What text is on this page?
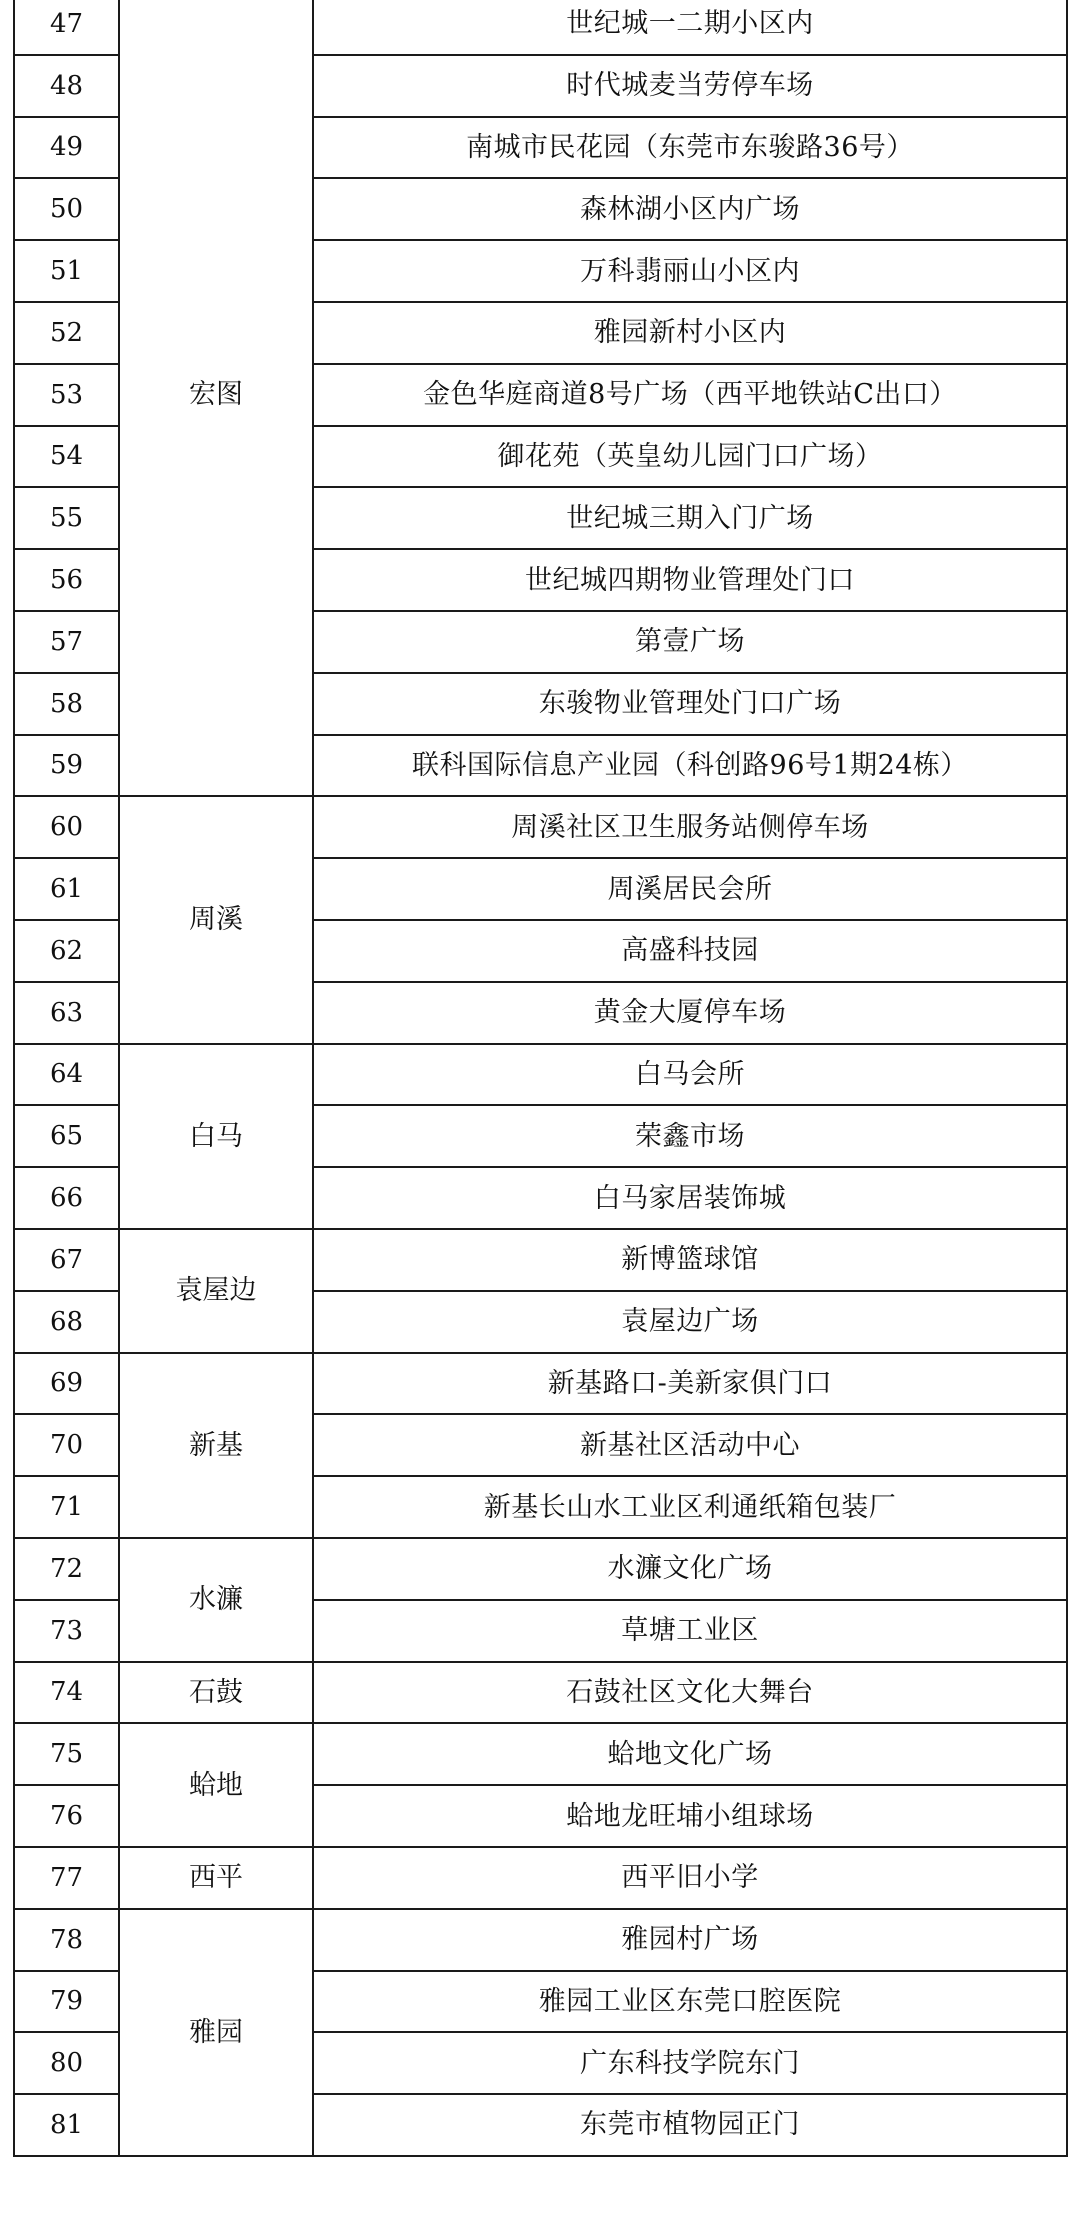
47	宏图	世纪城一二期小区内
48		时代城麦当劳停车场
49		南城市民花园（东莞市东骏路36号）
50		森林湖小区内广场
51		万科翡丽山小区内
52		雅园新村小区内
53		金色华庭商道8号广场（西平地铁站C出口）
54		御花苑（英皇幼儿园门口广场）
55		世纪城三期入门广场
56		世纪城四期物业管理处门口
57		第壹广场
58		东骏物业管理处门口广场
59		联科国际信息产业园（科创路96号1期24栋）
60	周溪	周溪社区卫生服务站侧停车场
61		周溪居民会所
62		高盛科技园
63		黄金大厦停车场
64	白马	白马会所
65		荣鑫市场
66		白马家居装饰城
67	袁屋边	新博篮球馆
68		袁屋边广场
69	新基	新基路口-美新家俱门口
70		新基社区活动中心
71		新基长山水工业区利通纸箱包装厂
72	水濂	水濂文化广场
73		草塘工业区
74	石鼓	石鼓社区文化大舞台
75	蛤地	蛤地文化广场
76		蛤地龙旺埔小组球场
77	西平	西平旧小学
78	雅园	雅园村广场
79		雅园工业区东莞口腔医院
80		广东科技学院东门
81		东莞市植物园正门
